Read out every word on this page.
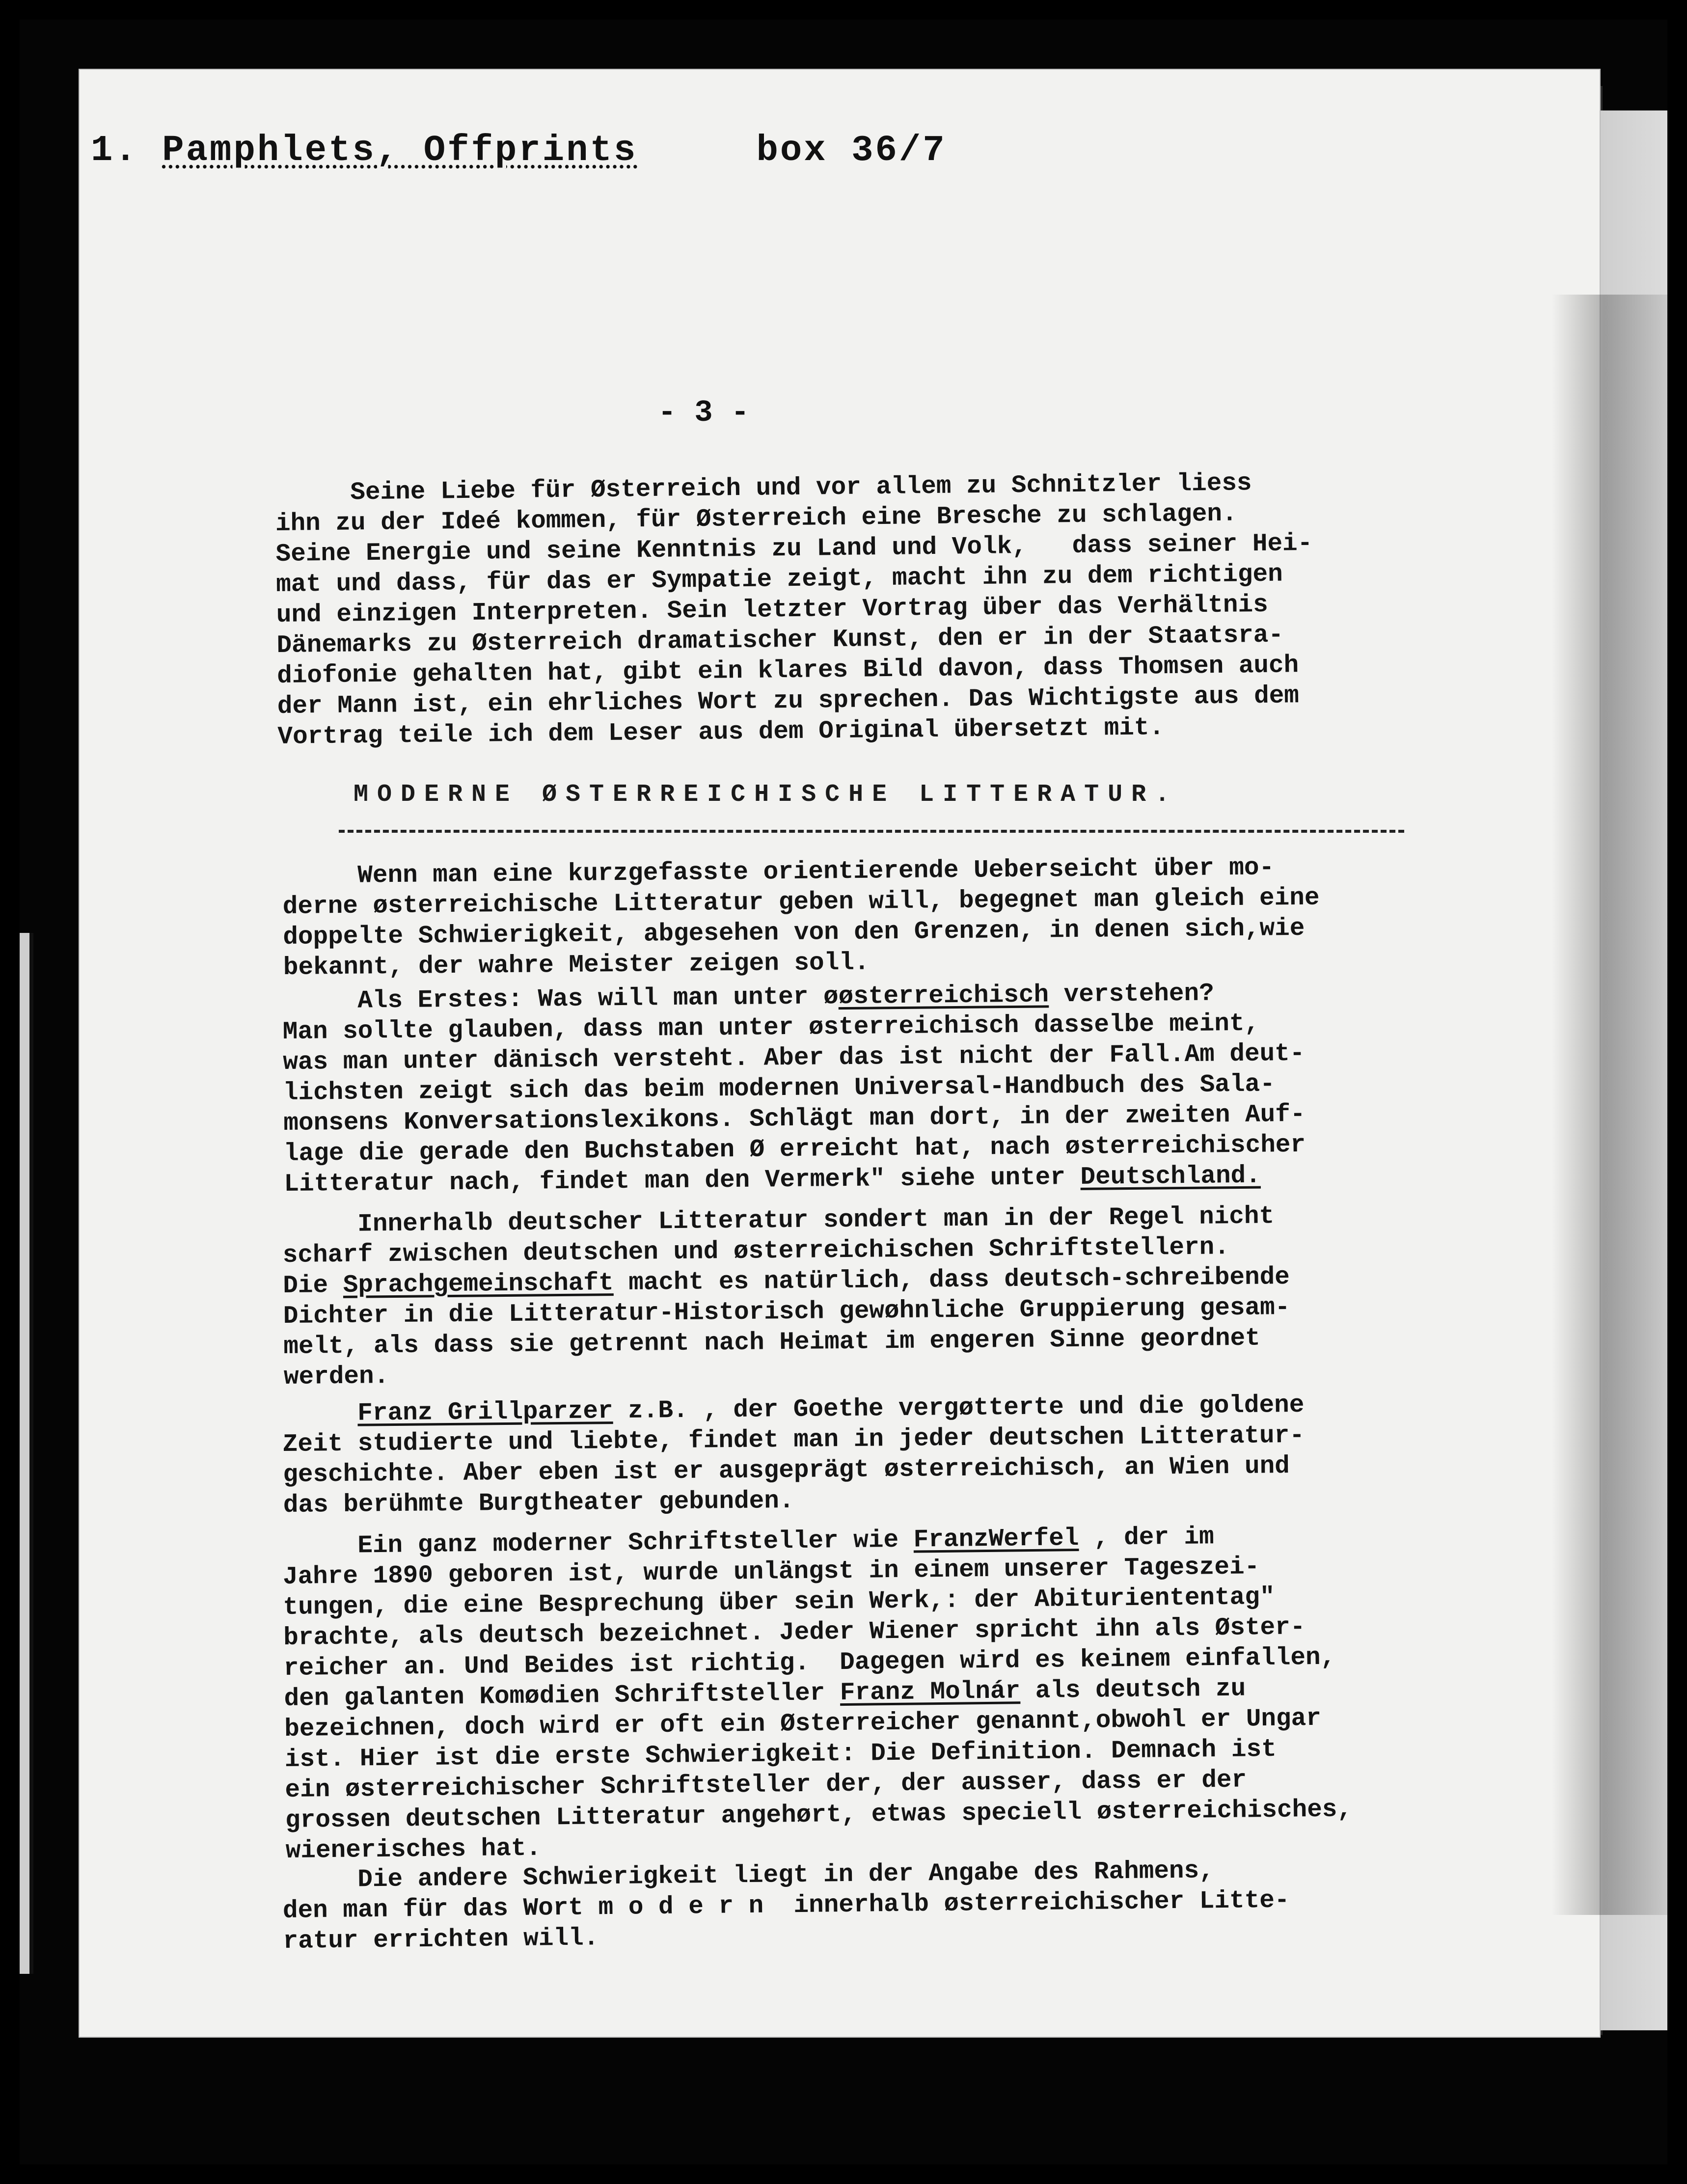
1. Pamphlets, Offprints	box 36/7
- 3 -
Seine Liebe für Østerreich und vor allem zu Schnitzler liess
ihn zu der Ideé kommen, für Østerreich eine Bresche zu schlagen.
Seine Energie und seine Kenntnis zu Land und Volk,   dass seiner Hei-
mat und dass, für das er Sympatie zeigt, macht ihn zu dem richtigen
und einzigen Interpreten. Sein letzter Vortrag über das Verhältnis
Dänemarks zu Østerreich dramatischer Kunst, den er in der Staatsra-
diofonie gehalten hat, gibt ein klares Bild davon, dass Thomsen auch
der Mann ist, ein ehrliches Wort zu sprechen. Das Wichtigste aus dem
Vortrag teile ich dem Leser aus dem Original übersetzt mit.
MODERNE ØSTERREICHISCHE LITTERATUR.
Wenn man eine kurzgefasste orientierende Ueberseicht über mo-
derne østerreichische Litteratur geben will, begegnet man gleich eine
doppelte Schwierigkeit, abgesehen von den Grenzen, in denen sich,wie
bekannt, der wahre Meister zeigen soll.
Als Erstes: Was will man unter øøsterreichisch verstehen?
Man sollte glauben, dass man unter østerreichisch dasselbe meint,
was man unter dänisch versteht. Aber das ist nicht der Fall.Am deut-
lichsten zeigt sich das beim modernen Universal-Handbuch des Sala-
monsens Konversationslexikons. Schlägt man dort, in der zweiten Auf-
lage die gerade den Buchstaben Ø erreicht hat, nach østerreichischer
Litteratur nach, findet man den Vermerk" siehe unter Deutschland.
Innerhalb deutscher Litteratur sondert man in der Regel nicht
scharf zwischen deutschen und østerreichischen Schriftstellern.
Die Sprachgemeinschaft macht es natürlich, dass deutsch-schreibende
Dichter in die Litteratur-Historisch gewøhnliche Gruppierung gesam-
melt, als dass sie getrennt nach Heimat im engeren Sinne geordnet
werden.
Franz Grillparzer z.B. , der Goethe vergøtterte und die goldene
Zeit studierte und liebte, findet man in jeder deutschen Litteratur-
geschichte. Aber eben ist er ausgeprägt østerreichisch, an Wien und
das berühmte Burgtheater gebunden.
Ein ganz moderner Schriftsteller wie FranzWerfel , der im
Jahre 1890 geboren ist, wurde unlängst in einem unserer Tageszei-
tungen, die eine Besprechung über sein Werk,: der Abituriententag"
brachte, als deutsch bezeichnet. Jeder Wiener spricht ihn als Øster-
reicher an. Und Beides ist richtig.  Dagegen wird es keinem einfallen,
den galanten Komødien Schriftsteller Franz Molnár als deutsch zu
bezeichnen, doch wird er oft ein Østerreicher genannt,obwohl er Ungar
ist. Hier ist die erste Schwierigkeit: Die Definition. Demnach ist
ein østerreichischer Schriftsteller der, der ausser, dass er der
grossen deutschen Litteratur angehørt, etwas speciell østerreichisches,
wienerisches hat.
Die andere Schwierigkeit liegt in der Angabe des Rahmens,
den man für das Wort m o d e r n  innerhalb østerreichischer Litte-
ratur errichten will.
